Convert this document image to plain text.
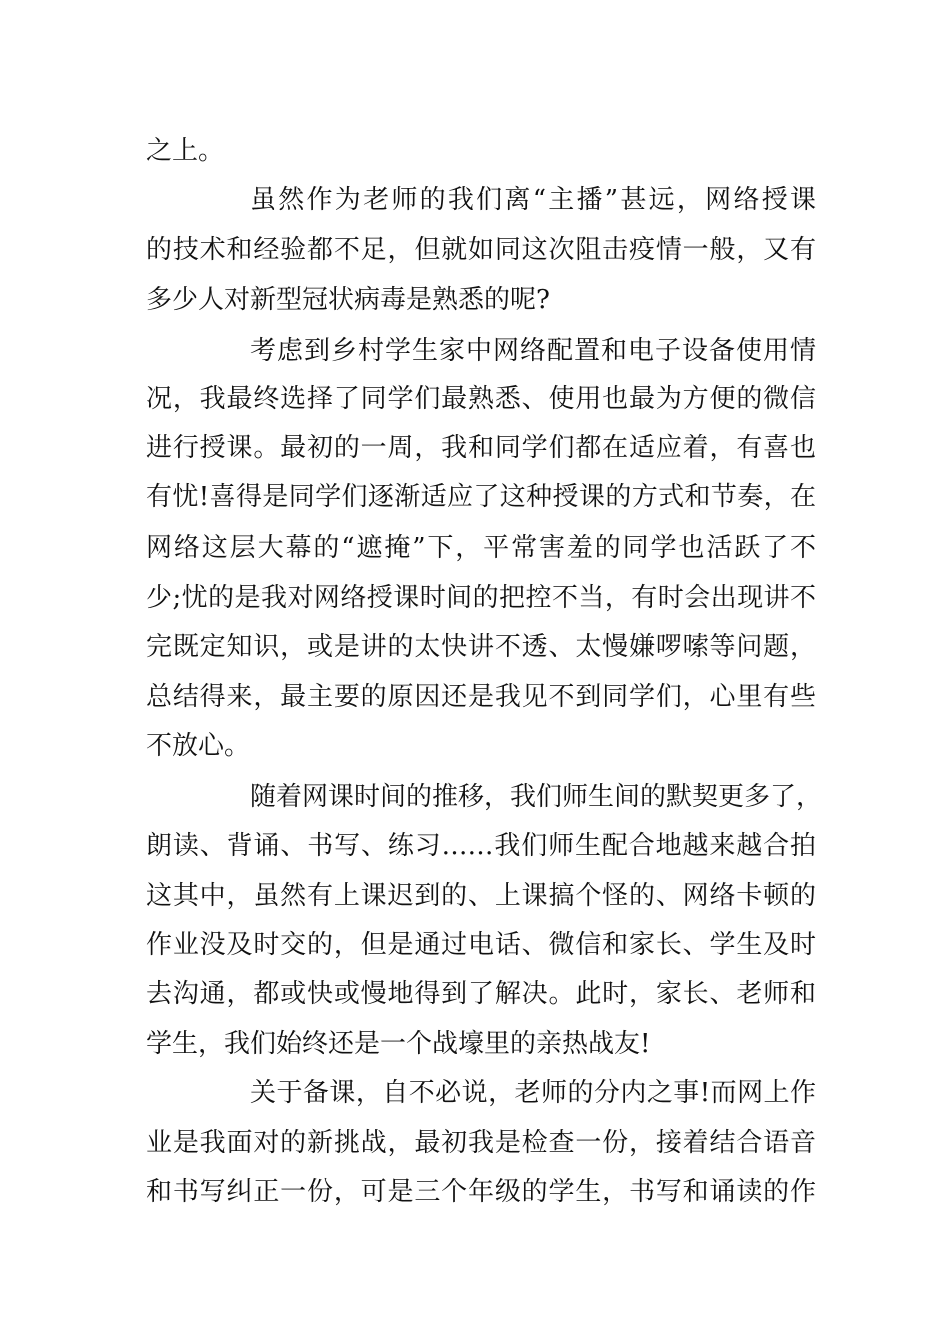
之上。
虽然作为老师的我们离“主播”甚远，网络授课
的技术和经验都不足，但就如同这次阻击疫情一般，又有
多少人对新型冠状病毒是熟悉的呢?
考虑到乡村学生家中网络配置和电子设备使用情
况，我最终选择了同学们最熟悉、使用也最为方便的微信
进行授课。最初的一周，我和同学们都在适应着，有喜也
有忧!喜得是同学们逐渐适应了这种授课的方式和节奏，在
网络这层大幕的“遮掩”下，平常害羞的同学也活跃了不
少;忧的是我对网络授课时间的把控不当，有时会出现讲不
完既定知识，或是讲的太快讲不透、太慢嫌啰嗦等问题，
总结得来，最主要的原因还是我见不到同学们，心里有些
不放心。
随着网课时间的推移，我们师生间的默契更多了，
朗读、背诵、书写、练习……我们师生配合地越来越合拍
这其中，虽然有上课迟到的、上课搞个怪的、网络卡顿的
作业没及时交的，但是通过电话、微信和家长、学生及时
去沟通，都或快或慢地得到了解决。此时，家长、老师和
学生，我们始终还是一个战壕里的亲热战友!
关于备课，自不必说，老师的分内之事!而网上作
业是我面对的新挑战，最初我是检查一份，接着结合语音
和书写纠正一份，可是三个年级的学生，书写和诵读的作
